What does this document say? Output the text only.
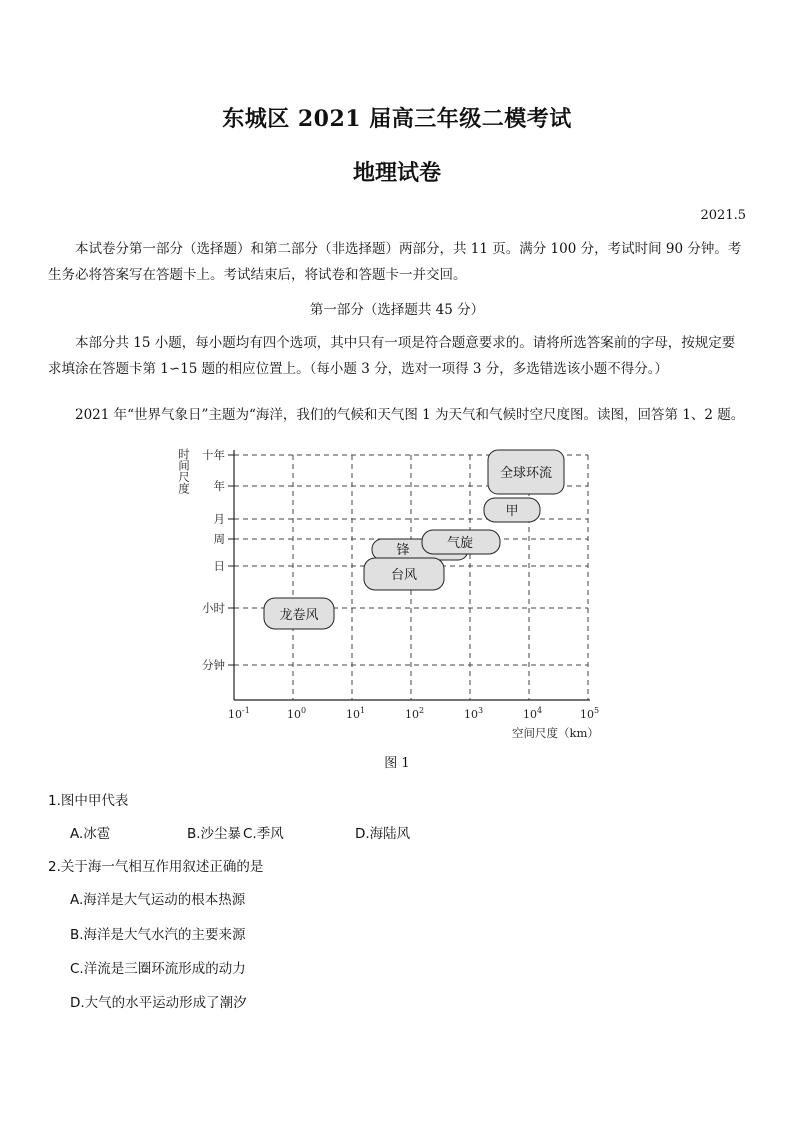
东城区 2021 届高三年级二模考试
地理试卷
2021.5
本试卷分第一部分（选择题）和第二部分（非选择题）两部分，共 11 页。满分 100 分，考试时间 90 分钟。考生务必将答案写在答题卡上。考试结束后，将试卷和答题卡一并交回。
第一部分（选择题共 45 分）
本部分共 15 小题，每小题均有四个选项，其中只有一项是符合题意要求的。请将所选答案前的字母，按规定要求填涂在答题卡第 1∽15 题的相应位置上。（每小题 3 分，选对一项得 3 分，多选错选该小题不得分。）
2021 年“世界气象日”主题为“海洋，我们的气候和天气图 1 为天气和气候时空尺度图。读图，回答第 1、2 题。
时间尺度 十年
年
月
周
日
小时
分钟
$10^{-1}$	$10^0$	$10^1$	$10^2$	$10^3$	$10^4$	$10^5$
空间尺度（km）
全球环流
甲
锋	气旋
台风
龙卷风
图 1
1.图中甲代表
A.冰雹	B.沙尘暴 C.季风	D.海陆风
2.关于海一气相互作用叙述正确的是
A.海洋是大气运动的根本热源
B.海洋是大气水汽的主要来源
C.洋流是三圈环流形成的动力
D.大气的水平运动形成了潮汐
